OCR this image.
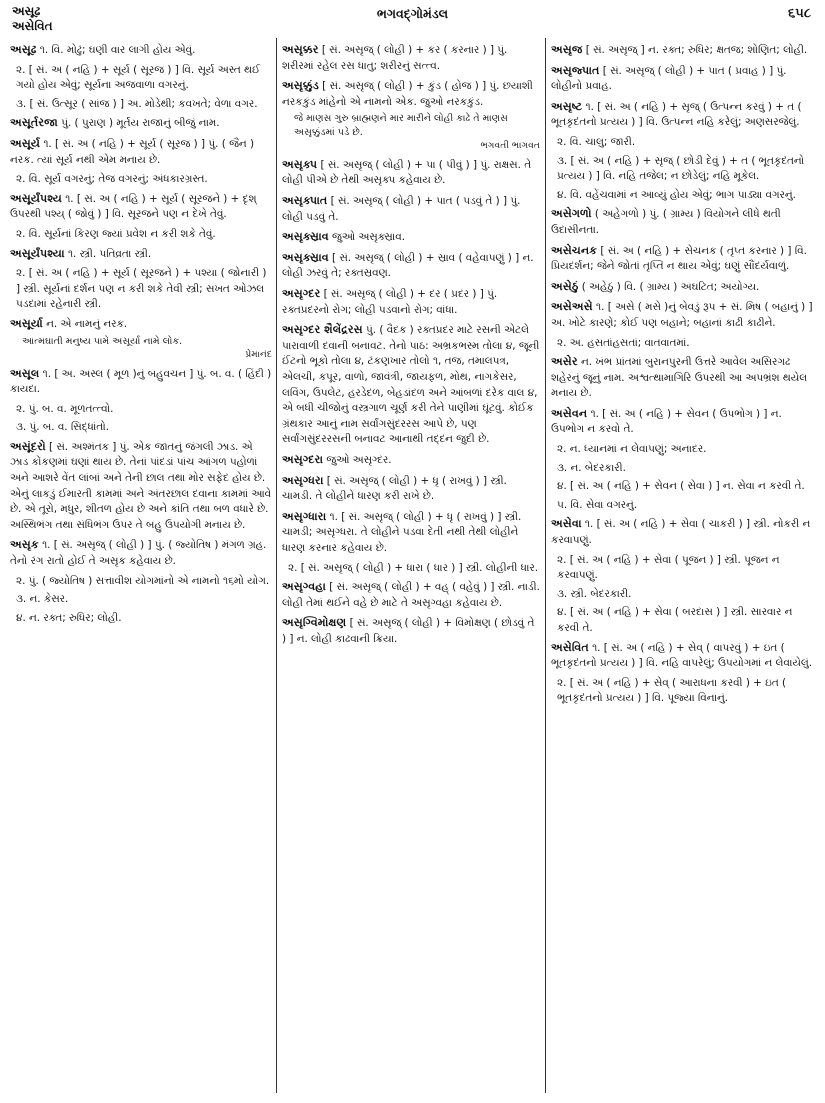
અસૂઢ
અસેવિત
ભગવદ્ગોમંડલ	૬૫૮
અસૂઢ ૧. વિ. મોઢું; ઘણી વાર લાગી હોય એવું.
૨. [ સં. અ ( નહિ ) + સૂર્ય ( સૂરજ ) ] વિ. સૂર્ય અસ્ત થઈ ગયો હોય એવું; સૂર્યના અજવાળા વગરનું.
૩. [ સં. ઉત્સૂર ( સાંજ ) ] અ. મોડેથી; કવખતે; વેળા વગર.
અસૂર્તરજા પું. ( પુરાણ ) મૂર્તય રાજાનું બીજું નામ.
અસૂર્ય ૧. [ સં. અ ( નહિ ) + સૂર્ય ( સૂરજ ) ] પું. ( જૈન ) નરક. ત્યાં સૂર્ય નથી એમ મનાય છે.
૨. વિ. સૂર્ય વગરનું; તેજ વગરનું; અંધકારગ્રસ્ત.
અસૂર્યંપશ્ય ૧. [ સં. અ ( નહિ ) + સૂર્ય ( સૂરજને ) + દૃશ્ ઉપરથી પશ્ય્ ( જોવું ) ] વિ. સૂરજને પણ ન દેખે તેવું.
૨. વિ. સૂર્યનાં કિરણ જ્યાં પ્રવેશ ન કરી શકે તેવું.
અસૂર્યંપશ્યા ૧. સ્ત્રી. પતિવ્રતા સ્ત્રી.
૨. [ સં. અ ( નહિ ) + સૂર્ય ( સૂરજને ) + પશ્યા ( જોનારી ) ] સ્ત્રી. સૂર્યનાં દર્શન પણ ન કરી શકે તેવી સ્ત્રી; સખત ઓઝલ પડદામાં રહેનારી સ્ત્રી.
અસૂર્યા ન. એ નામનું નરક.
આત્મઘાતી મનુષ્ય પામે અસૂર્યા નામે લોક.
પ્રેમાનંદ
અસૂલ ૧. [ અ. અસ્લ ( મૂળ )નું બહુવચન ] પું. બ. વ. ( હિંદી ) કાયદા.
૨. પું. બ. વ. મૂળતત્ત્વો.
૩. પું. બ. વ. સિદ્ધાંતો.
અસૂંદરો [ સં. અશ્મંતક ] પું. એક જાતનું જંગલી ઝાડ. એ ઝાડ કોંકણમાં ઘણાં થાય છે. તેનાં પાંદડાં પાંચ આંગળ પહોળાં અને આશરે વેંત લાંબાં અને તેની છાલ તથા મોર સફેદ હોય છે. એનું લાકડું ઈમારતી કામમાં અને અંતરછાલ દવાના કામમાં આવે છે. એ તૂરો, મધુર, શીતળ હોય છે અને કાંતિ તથા બળ વધારે છે. અસ્થિભંગ તથા સંધિભંગ ઉપર તે બહુ ઉપયોગી મનાય છે.
અસૃક ૧. [ સં. અસૃજ્ ( લોહી ) ] પું. ( જ્યોતિષ ) મંગળ ગ્રહ. તેનો રંગ રાતો હોઈ તે અસૃક કહેવાય છે.
૨. પું. ( જ્યોતિષ ) સત્તાવીશ યોગમાંનો એ નામનો ૧૬મો યોગ.
૩. ન. કેસર.
૪. ન. રક્ત; રુધિર; લોહી.
અસૃક્કર [ સં. અસૃજ્ ( લોહી ) + કર ( કરનાર ) ] પું. શરીરમાં રહેલ રસ ધાતુ; શરીરનું સત્ત્વ.
અસૃક્કુંડ [ સં. અસૃજ્ ( લોહી ) + કુંડ ( હોજ ) ] પું. છયાશી નરકકુંડ માંહેનો એ નામનો એક. જુઓ નરકકુંડ.
જે માણસ ગુરુ બ્રાહ્મણને માર મારીને લોહી કાઢે તે માણસ અસૃક્કુંડમાં પડે છે.
ભગવતી ભાગવત
અસૃક્પ [ સં. અસૃજ્ ( લોહી ) + પા ( પીવું ) ] પું. રાક્ષસ. તે લોહી પીએ છે તેથી અસૃક્પ કહેવાય છે.
અસૃક્પાત [ સં. અસૃજ્ ( લોહી ) + પાત ( પડવું તે ) ] પું. લોહી પડવું તે.
અસૃક્સ્રાવ જુઓ અસૃક્સ્રાવ.
અસૃક્સ્રાવ [ સં. અસૃજ્ ( લોહી ) + સ્રાવ ( વહેવાપણું ) ] ન. લોહી ઝરવું તે; રક્તસ્રવણ.
અસૃગ્દર [ સં. અસૃજ્ ( લોહી ) + દર ( પ્રદર ) ] પું. રક્તપ્રદરનો રોગ; લોહી પડવાનો રોગ; વાંધા.
અસૃગ્દર શૈલેંદ્રરસ પું. ( વૈદક ) રક્તપ્રદર માટે રસની એટલે પારાવાળી દવાની બનાવટ. તેનો પાઠ: અભ્રકભસ્મ તોલા ૪, જૂની ઈંટનો ભૂકો તોલા ૪, ટંકણખાર તોલો ૧, તજ, તમાલપત્ર, એલચી, કપૂર, વાળો, જાવંત્રી, જાયફળ, મોથ, નાગકેસર, લવિંગ, ઉપલેટ, હરડેદળ, બેહડાંદળ અને આંબળાં દરેક વાલ ૪, એ બધી ચીજોનું વસ્ત્રગાળ ચૂર્ણ કરી તેને પાણીમાં ઘૂંટવું. કોઈક ગ્રંથકાર આનું નામ સર્વાંગસુંદરરસ આપે છે, પણ સર્વાંગસુંદરરસની બનાવટ આનાથી તદ્દન જુદી છે.
અસૃગ્દરા જુઓ અસૃગ્દર.
અસૃગ્ધરા [ સં. અસૃજ્ ( લોહી ) + ધૃ ( રાખવું ) ] સ્ત્રી. ચામડી. તે લોહીને ધારણ કરી રાખે છે.
અસૃગ્ધારા ૧. [ સં. અસૃજ્ ( લોહી ) + ધૃ ( રાખવું ) ] સ્ત્રી. ચામડી; અસૃગ્ધરા. તે લોહીને પડવા દેતી નથી તેથી લોહીને ધારણ કરનાર કહેવાય છે.
૨. [ સં. અસૃજ્ ( લોહી ) + ધારા ( ધાર ) ] સ્ત્રી. લોહીની ધાર.
અસૃગ્વહા [ સં. અસૃજ્ ( લોહી ) + વહ્ ( વહેવું ) ] સ્ત્રી. નાડી. લોહી તેમાં થઈને વહે છે માટે તે અસૃગ્વહા કહેવાય છે.
અસૃગ્વિમોક્ષણ [ સં. અસૃજ્ ( લોહી ) + વિમોક્ષણ ( છોડવું તે ) ] ન. લોહી કાઢવાની ક્રિયા.
અસૃજ [ સં. અસૃજ્ ] ન. રક્ત; રુધિર; ક્ષતજ; શોણિત; લોહી.
અસૃજ્પાત [ સં. અસૃજ્ ( લોહી ) + પાત ( પ્રવાહ ) ] પું. લોહીનો પ્રવાહ.
અસૃષ્ટ ૧. [ સં. અ ( નહિ ) + સૃજ્ ( ઉત્પન્ન કરવું ) + ત ( ભૂતકૃદંતનો પ્રત્યય ) ] વિ. ઉત્પન્ન નહિ કરેલું; અણસરજેલું.
૨. વિ. ચાલુ; જારી.
૩. [ સં. અ ( નહિ ) + સૃજ્ ( છોડી દેવું ) + ત ( ભૂતકૃદંતનો પ્રત્યય ) ] વિ. નહિ તજેલ; ન છોડેલું; નહિ મૂકેલ.
૪. વિ. વહેંચવામાં ન આવ્યું હોય એવું; ભાગ પાડ્યા વગરનું.
અસેગળો ( અહેગળો ) પું. ( ગ્રામ્ય ) વિયોગને લીધે થતી ઉદાસીનતા.
અસેચનક [ સં. અ ( નહિ ) + સેચનક ( તૃપ્ત કરનાર ) ] વિ. પ્રિયદર્શન; જેને જોતાં તૃપ્તિ ન થાય એવું; ઘણું સૌંદર્યવાળું.
અસેઠું ( અહેઠું ) વિ. ( ગ્રામ્ય ) અઘટિત; અયોગ્ય.
અસેઅસે ૧. [ અસે ( મસે )નું બેવડું રૂપ + સં. મિષ ( બહાનું ) ] અ. ખોટે કારણે; કોઈ પણ બહાને; બહાનાં કાઢી કાઢીને.
૨. અ. હસતાંહસતાં; વાતવાતમાં.
અસેર ન. ખંભ પ્રાંતમાં બુરાનપુરની ઉત્તરે આવેલ અસિરગઢ શહેરનું જૂનું નામ. અશ્વત્થામાગિરિ ઉપરથી આ અપભ્રંશ થયેલ મનાય છે.
અસેવન ૧. [ સં. અ ( નહિ ) + સેવન ( ઉપભોગ ) ] ન. ઉપભોગ ન કરવો તે.
૨. ન. ધ્યાનમાં ન લેવાપણું; અનાદર.
૩. ન. બેદરકારી.
૪. [ સં. અ ( નહિ ) + સેવન ( સેવા ) ] ન. સેવા ન કરવી તે.
૫. વિ. સેવા વગરનું.
અસેવા ૧. [ સં. અ ( નહિ ) + સેવા ( ચાકરી ) ] સ્ત્રી. નોકરી ન કરવાપણું.
૨. [ સં. અ ( નહિ ) + સેવા ( પૂજન ) ] સ્ત્રી. પૂજન ન કરવાપણું.
૩. સ્ત્રી. બેદરકારી.
૪. [ સં. અ ( નહિ ) + સેવા ( બરદાસ ) ] સ્ત્રી. સારવાર ન કરવી તે.
અસેવિત ૧. [ સં. અ ( નહિ ) + સેવ્ ( વાપરવું ) + ઇત ( ભૂતકૃદંતનો પ્રત્યય ) ] વિ. નહિ વાપરેલું; ઉપયોગમાં ન લેવાયેલું.
૨. [ સં. અ ( નહિ ) + સેવ્ ( આરાધના કરવી ) + ઇત ( ભૂતકૃદંતનો પ્રત્યય ) ] વિ. પૂજ્યા વિનાનું.
